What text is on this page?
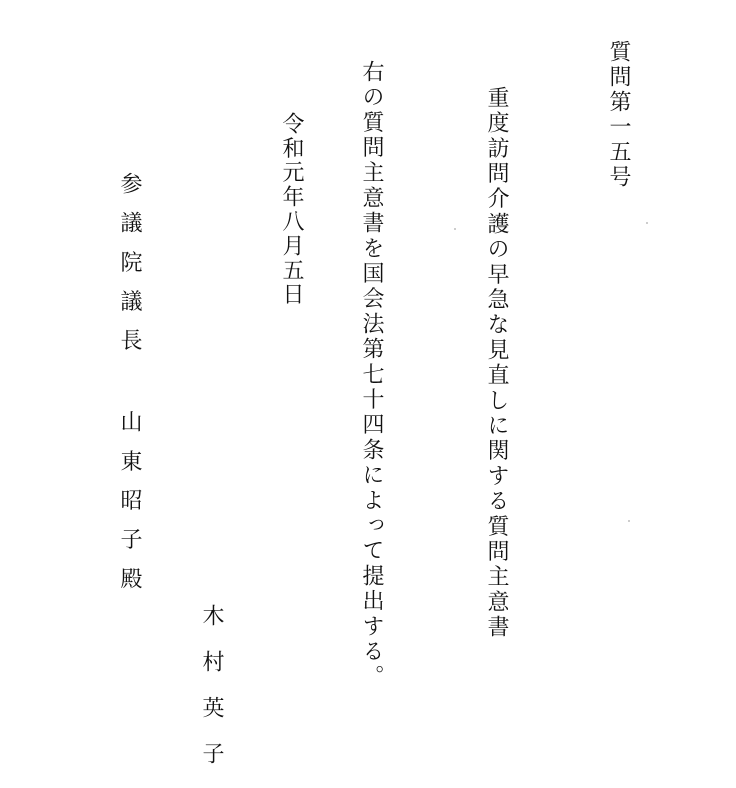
質問第一五号
重度訪問介護の早急な見直しに関する質問主意書
右の質問主意書を国会法第七十四条によって提出する。
令和元年八月五日
参議院議長 山東昭子殿
木村英子
